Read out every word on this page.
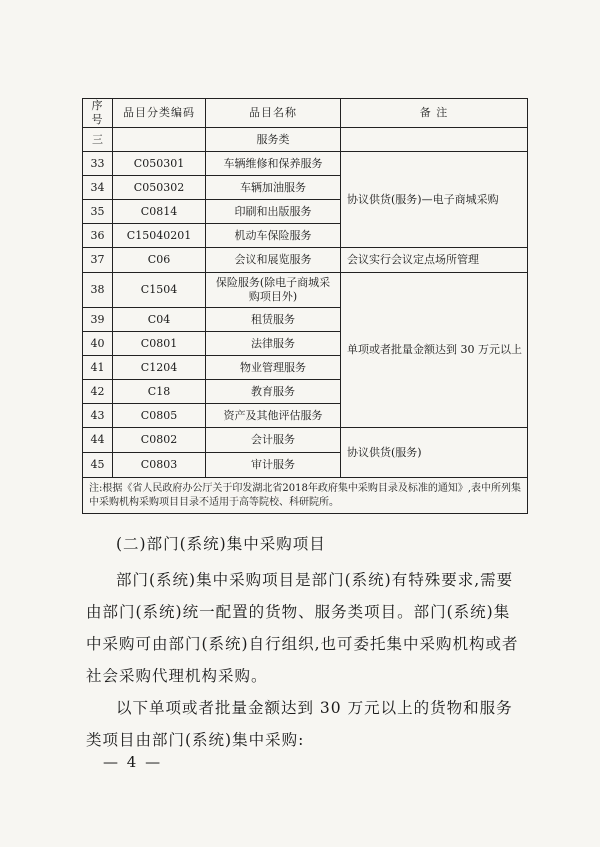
序号	品目分类编码	品目名称	备 注
三		服务类	
33	C050301	车辆维修和保养服务	协议供货(服务)—电子商城采购
34	C050302	车辆加油服务	
35	C0814	印刷和出版服务	
36	C15040201	机动车保险服务	
37	C06	会议和展览服务	会议实行会议定点场所管理
38	C1504	保险服务(除电子商城采购项目外)	单项或者批量金额达到 30 万元以上
39	C04	租赁服务	
40	C0801	法律服务	
41	C1204	物业管理服务	
42	C18	教育服务	
43	C0805	资产及其他评估服务	
44	C0802	会计服务	协议供货(服务)
45	C0803	审计服务	
注:根据《省人民政府办公厅关于印发湖北省2018年政府集中采购目录及标准的通知》,表中所列集中采购机构采购项目目录不适用于高等院校、科研院所。			
(二)部门(系统)集中采购项目
部门(系统)集中采购项目是部门(系统)有特殊要求,需要由部门(系统)统一配置的货物、服务类项目。部门(系统)集中采购可由部门(系统)自行组织,也可委托集中采购机构或者社会采购代理机构采购。
以下单项或者批量金额达到 30 万元以上的货物和服务类项目由部门(系统)集中采购:
— 4 —
